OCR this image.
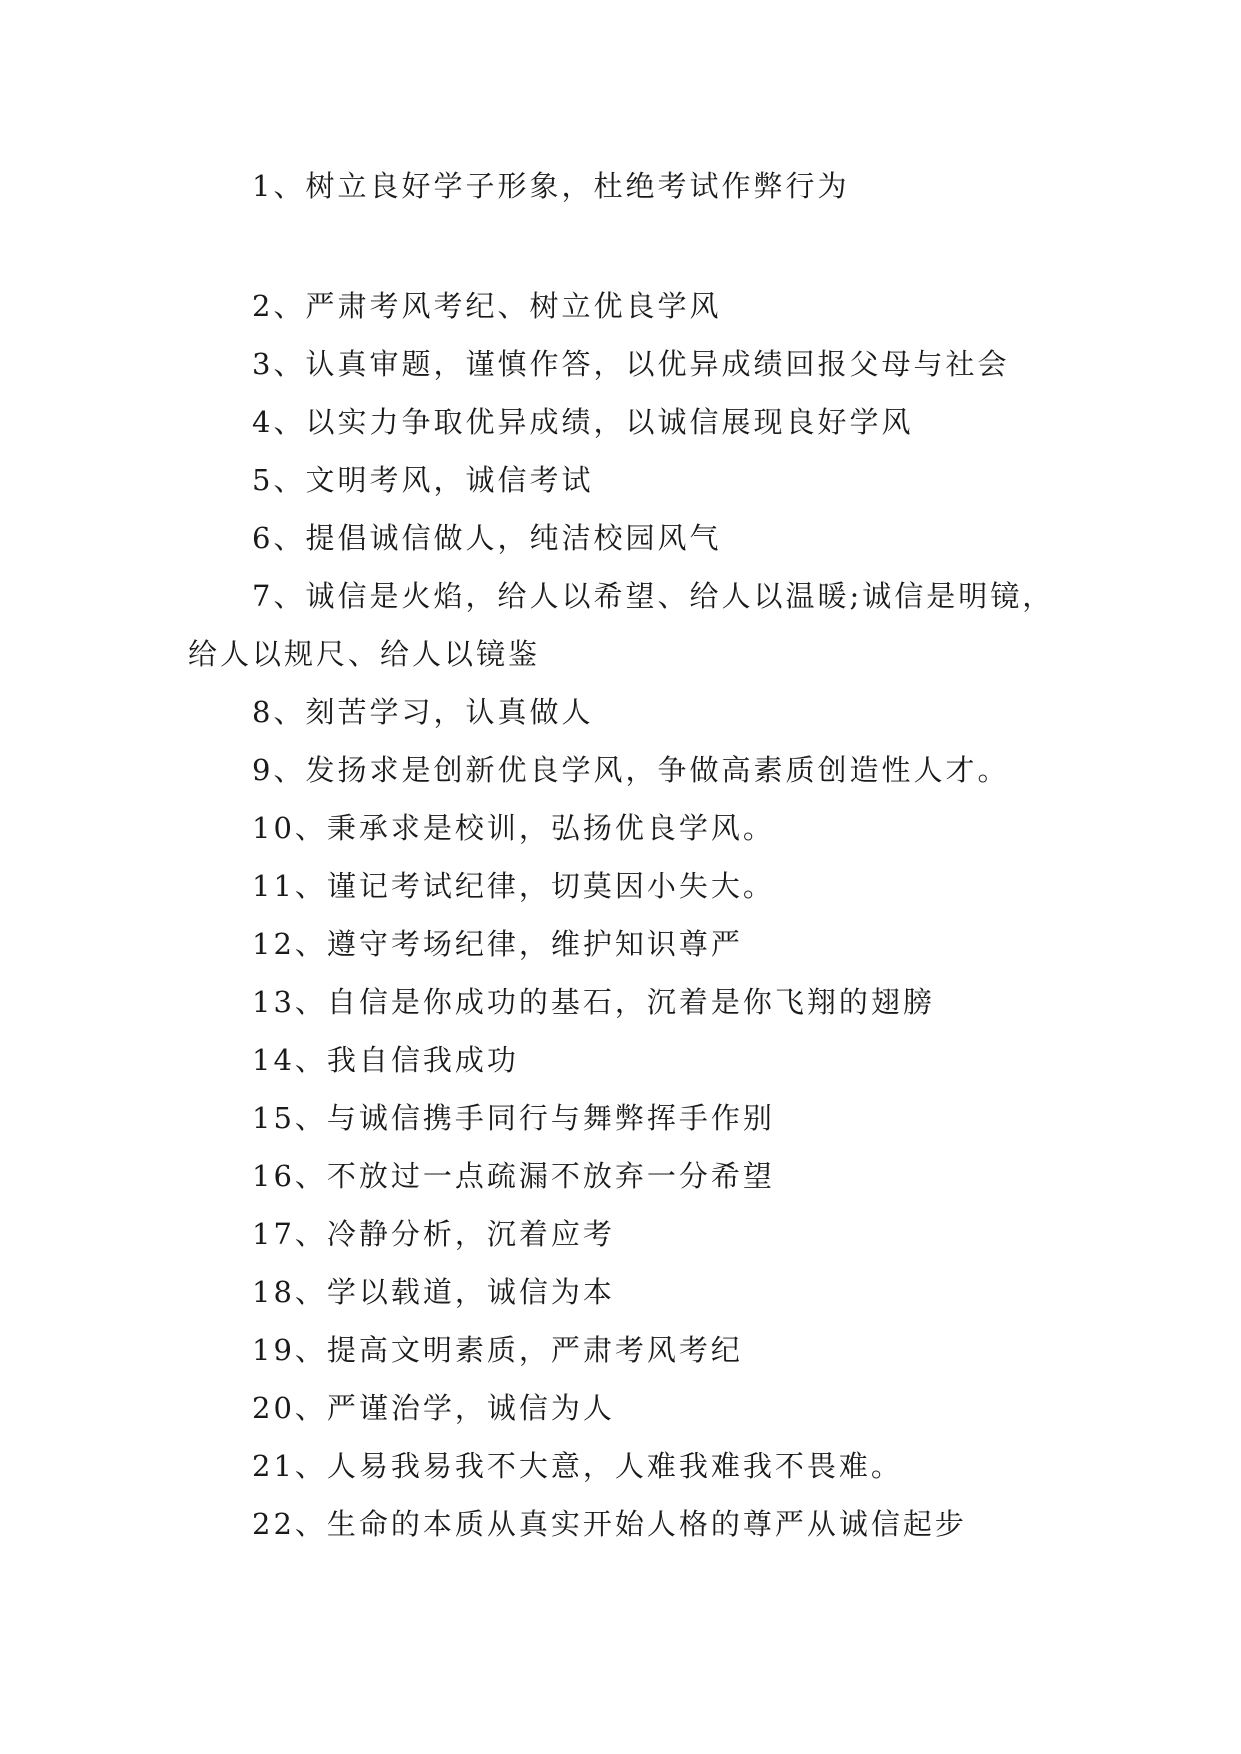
1、树立良好学子形象，杜绝考试作弊行为
2、严肃考风考纪、树立优良学风
3、认真审题，谨慎作答，以优异成绩回报父母与社会
4、以实力争取优异成绩，以诚信展现良好学风
5、文明考风，诚信考试
6、提倡诚信做人，纯洁校园风气
7、诚信是火焰，给人以希望、给人以温暖;诚信是明镜，
给人以规尺、给人以镜鉴
8、刻苦学习，认真做人
9、发扬求是创新优良学风，争做高素质创造性人才。
10、秉承求是校训，弘扬优良学风。
11、谨记考试纪律，切莫因小失大。
12、遵守考场纪律，维护知识尊严
13、自信是你成功的基石，沉着是你飞翔的翅膀
14、我自信我成功
15、与诚信携手同行与舞弊挥手作别
16、不放过一点疏漏不放弃一分希望
17、冷静分析，沉着应考
18、学以载道，诚信为本
19、提高文明素质，严肃考风考纪
20、严谨治学，诚信为人
21、人易我易我不大意，人难我难我不畏难。
22、生命的本质从真实开始人格的尊严从诚信起步
